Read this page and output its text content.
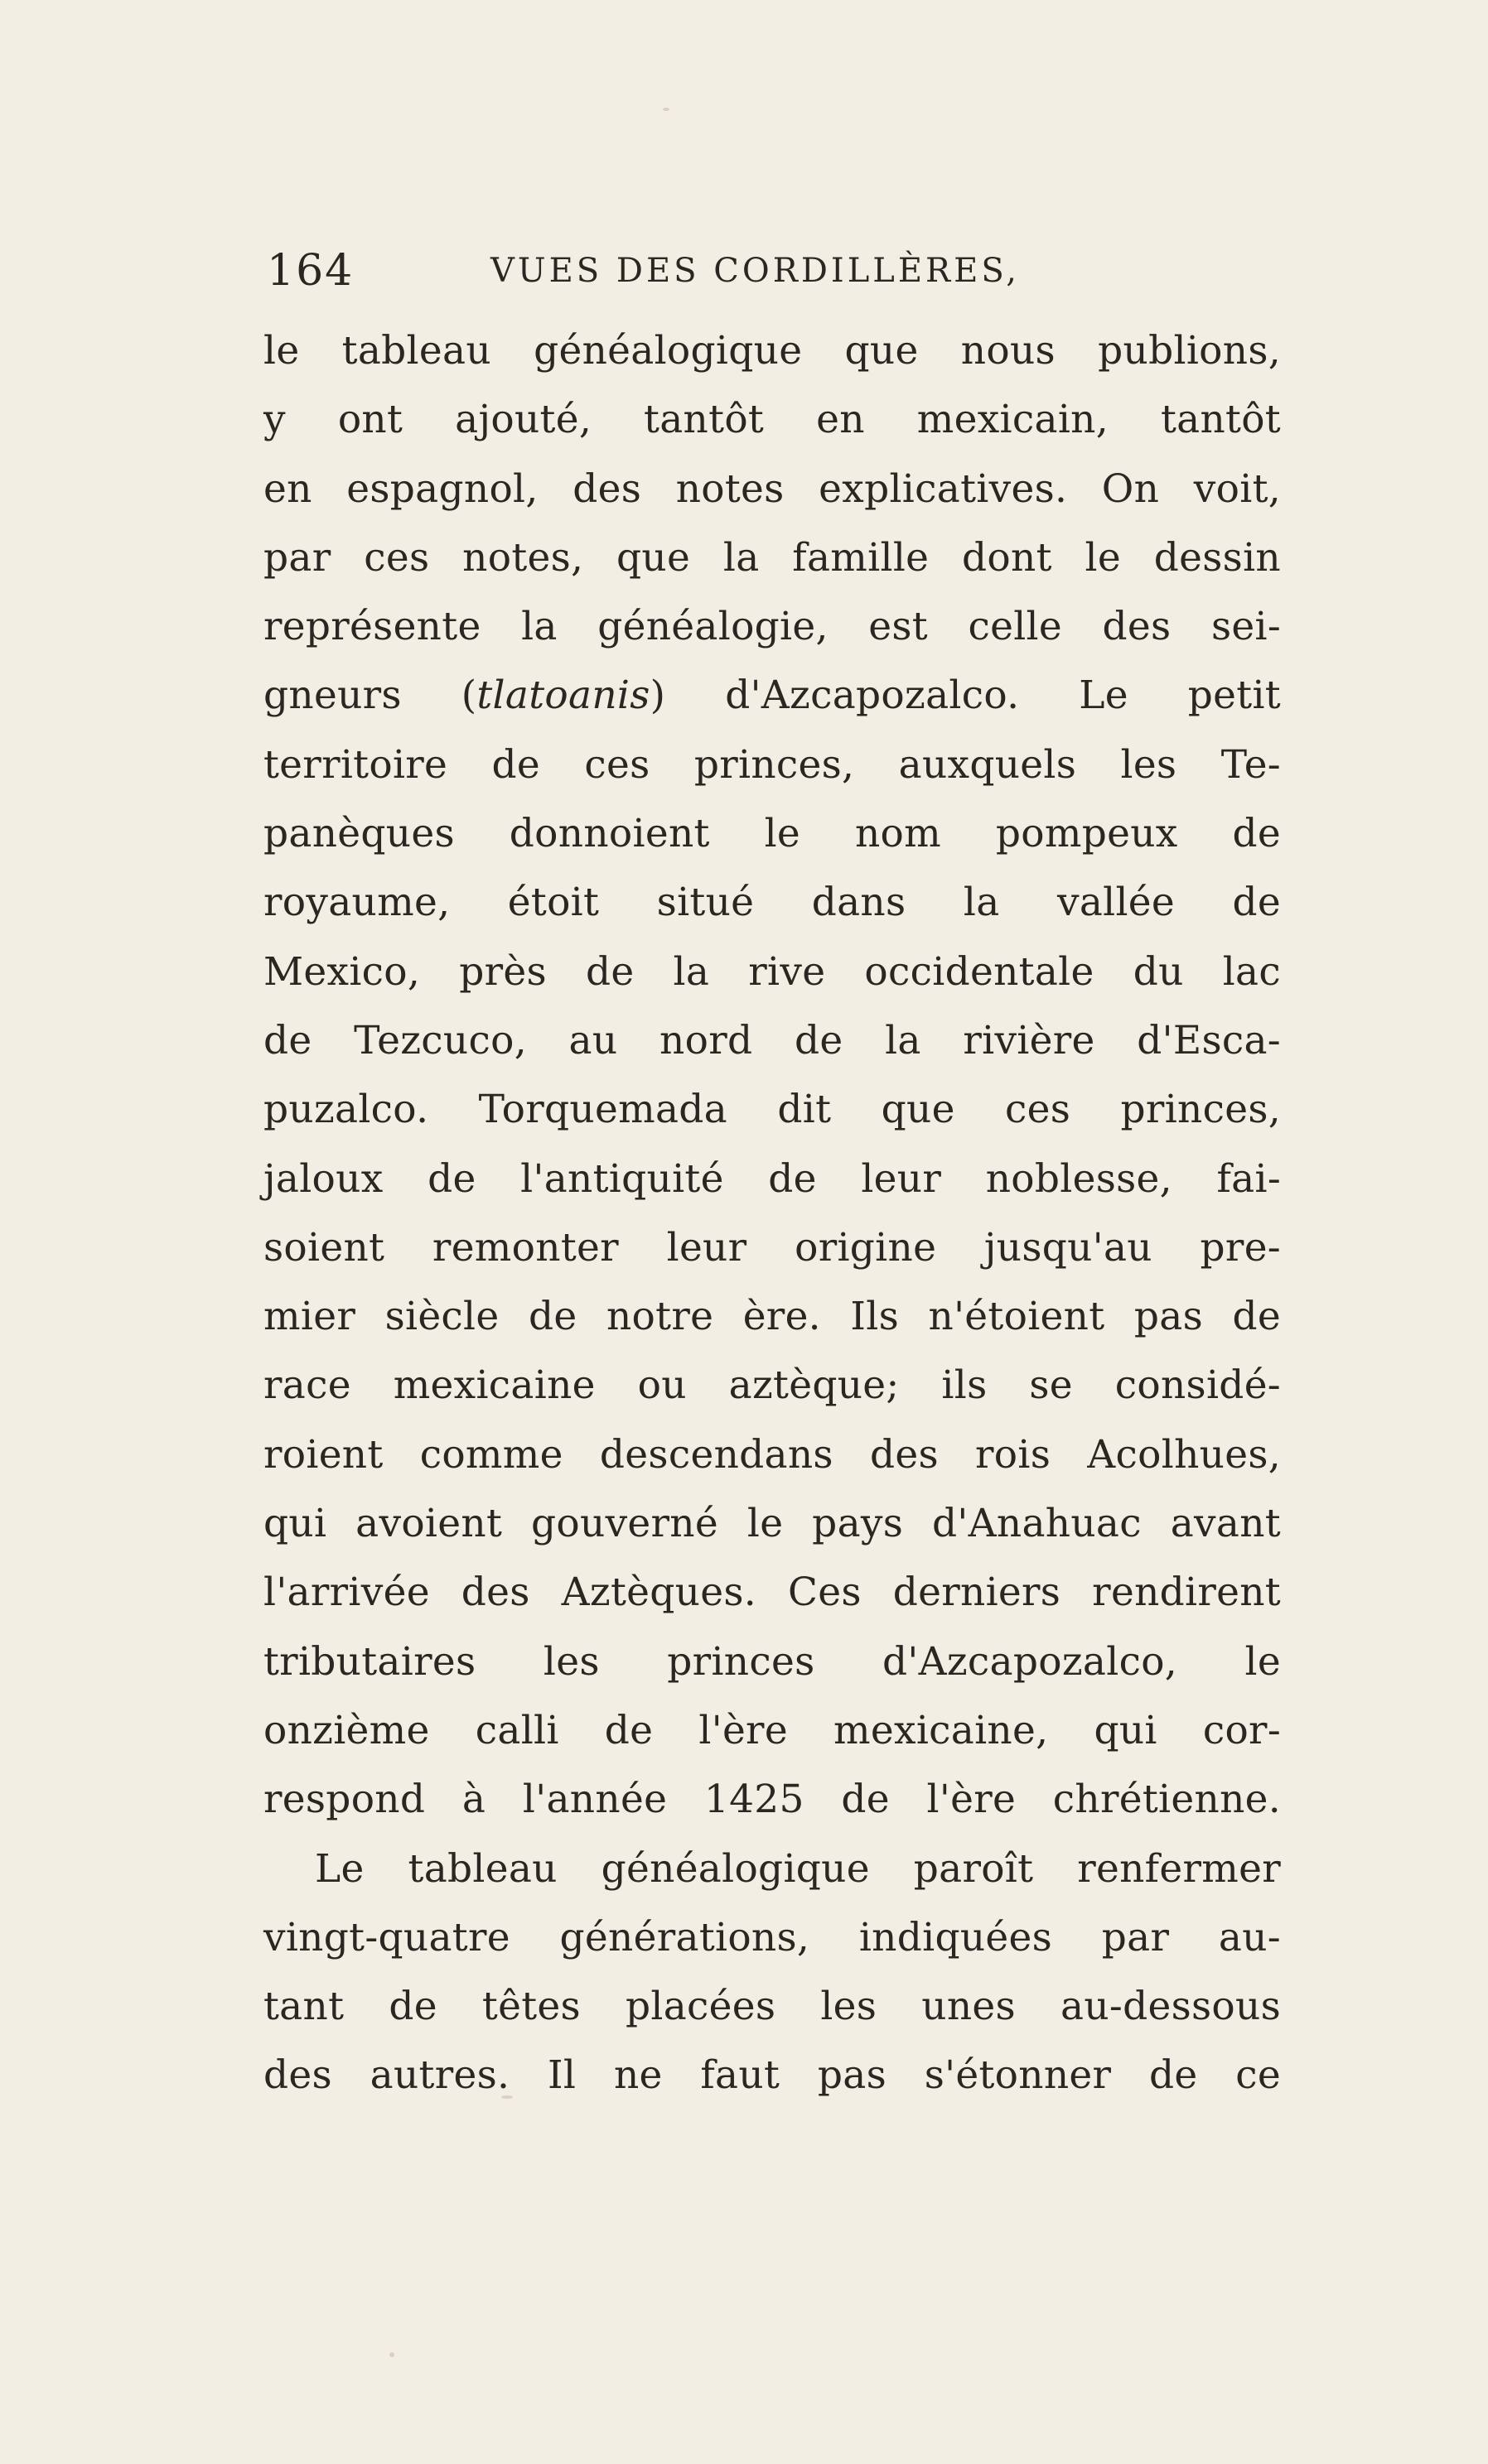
164	VUES DES CORDILLÈRES,
le tableau généalogique que nous publions,
y ont ajouté, tantôt en mexicain, tantôt
en espagnol, des notes explicatives. On voit,
par ces notes, que la famille dont le dessin
représente la généalogie, est celle des sei-
gneurs (tlatoanis) d'Azcapozalco. Le petit
territoire de ces princes, auxquels les Te-
panèques donnoient le nom pompeux de
royaume, étoit situé dans la vallée de
Mexico, près de la rive occidentale du lac
de Tezcuco, au nord de la rivière d'Esca-
puzalco. Torquemada dit que ces princes,
jaloux de l'antiquité de leur noblesse, fai-
soient remonter leur origine jusqu'au pre-
mier siècle de notre ère. Ils n'étoient pas de
race mexicaine ou aztèque; ils se considé-
roient comme descendans des rois Acolhues,
qui avoient gouverné le pays d'Anahuac avant
l'arrivée des Aztèques. Ces derniers rendirent
tributaires les princes d'Azcapozalco, le
onzième calli de l'ère mexicaine, qui cor-
respond à l'année 1425 de l'ère chrétienne.
Le tableau généalogique paroît renfermer
vingt-quatre générations, indiquées par au-
tant de têtes placées les unes au-dessous
des autres. Il ne faut pas s'étonner de ce
